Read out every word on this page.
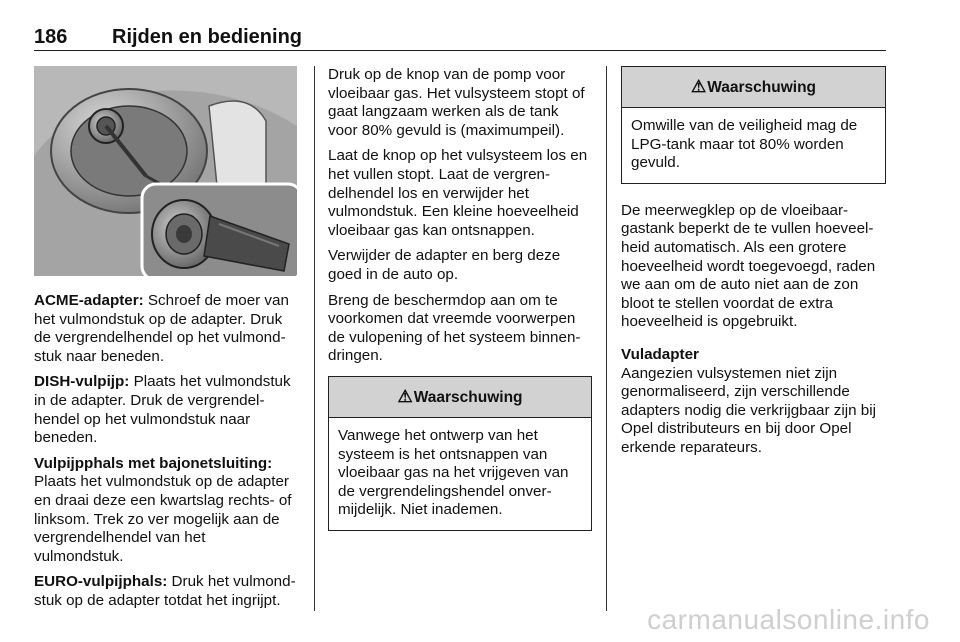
186 Rijden en bediening

ACME-adapter: Schroef de moer van het vulmondstuk op de adapter. Druk de vergrendelhendel op het vulmondstuk naar beneden.

DISH-vulpijp: Plaats het vulmondstuk in de adapter. Druk de vergrendelhendel op het vulmondstuk naar beneden.

Vulpijpphals met bajonetsluiting:
Plaats het vulmondstuk op de adapter en draai deze een kwartslag rechts- of linksom. Trek zo ver mogelijk aan de vergrendelhendel van het vulmondstuk.

EURO-vulpijphals: Druk het vulmondstuk op de adapter totdat het ingrijpt.

Druk op de knop van de pomp voor vloeibaar gas. Het vulsysteem stopt of gaat langzaam werken als de tank voor 80% gevuld is (maximumpeil).

Laat de knop op het vulsysteem los en het vullen stopt. Laat de vergrendelhendel los en verwijder het vulmondstuk. Een kleine hoeveelheid vloeibaar gas kan ontsnappen.

Verwijder de adapter en berg deze goed in de auto op.

Breng de beschermdop aan om te voorkomen dat vreemde voorwerpen de vulopening of het systeem binnendringen.

⚠Waarschuwing
Vanwege het ontwerp van het systeem is het ontsnappen van vloeibaar gas na het vrijgeven van de vergrendelingshendel onvermijdelijk. Niet inademen.
⚠Waarschuwing
Omwille van de veiligheid mag de LPG-tank maar tot 80% worden gevuld.

De meerwegklep op de vloeibaargastank beperkt de te vullen hoeveelheid automatisch. Als een grotere hoeveelheid wordt toegevoegd, raden we aan om de auto niet aan de zon bloot te stellen voordat de extra hoeveelheid is opgebruikt.

Vuladapter

Aangezien vulsystemen niet zijn genormaliseerd, zijn verschillende adapters nodig die verkrijgbaar zijn bij Opel distributeurs en bij door Opel erkende reparateurs.

carmanualsonline.info
